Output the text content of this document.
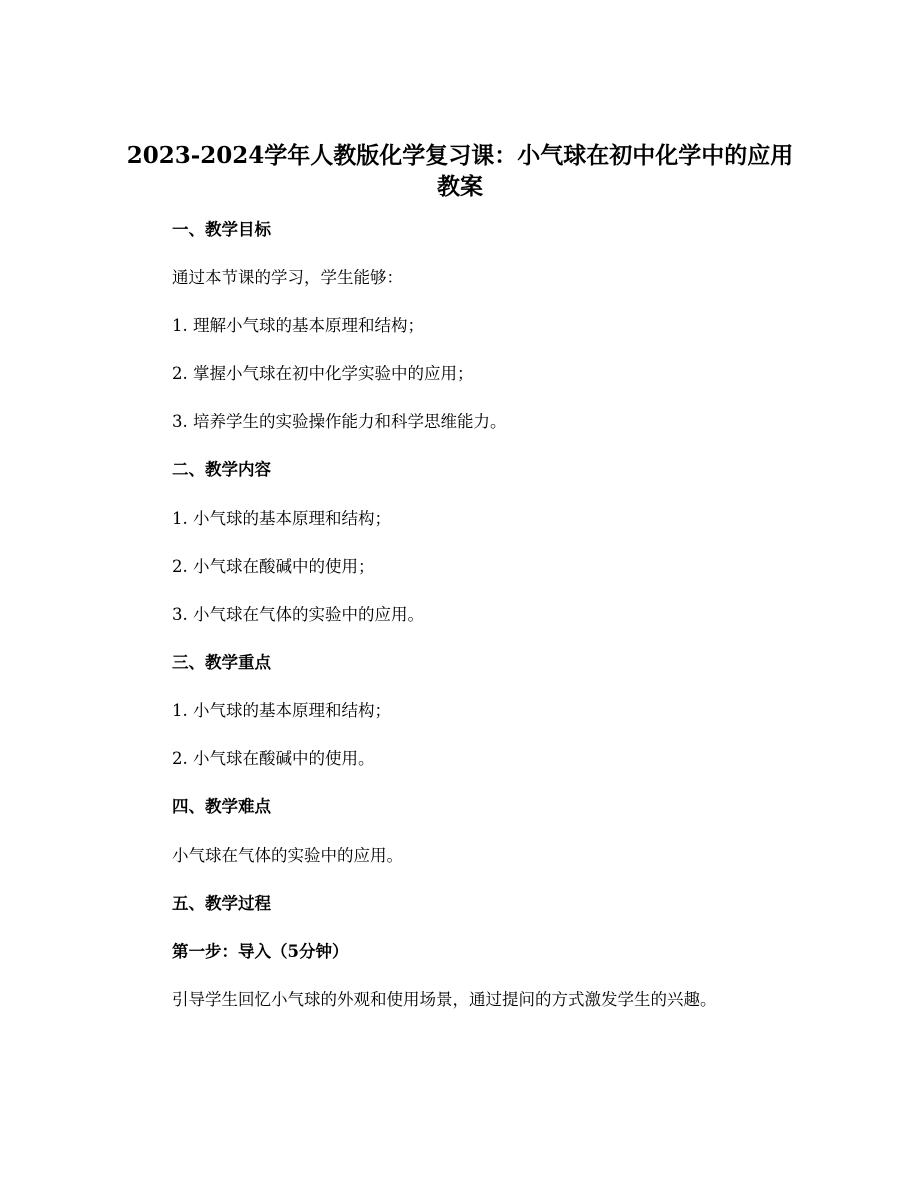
2023-2024学年人教版化学复习课：小气球在初中化学中的应用
教案
一、教学目标
通过本节课的学习，学生能够：
1. 理解小气球的基本原理和结构；
2. 掌握小气球在初中化学实验中的应用；
3. 培养学生的实验操作能力和科学思维能力。
二、教学内容
1. 小气球的基本原理和结构；
2. 小气球在酸碱中的使用；
3. 小气球在气体的实验中的应用。
三、教学重点
1. 小气球的基本原理和结构；
2. 小气球在酸碱中的使用。
四、教学难点
小气球在气体的实验中的应用。
五、教学过程
第一步：导入（5分钟）
引导学生回忆小气球的外观和使用场景，通过提问的方式激发学生的兴趣。
